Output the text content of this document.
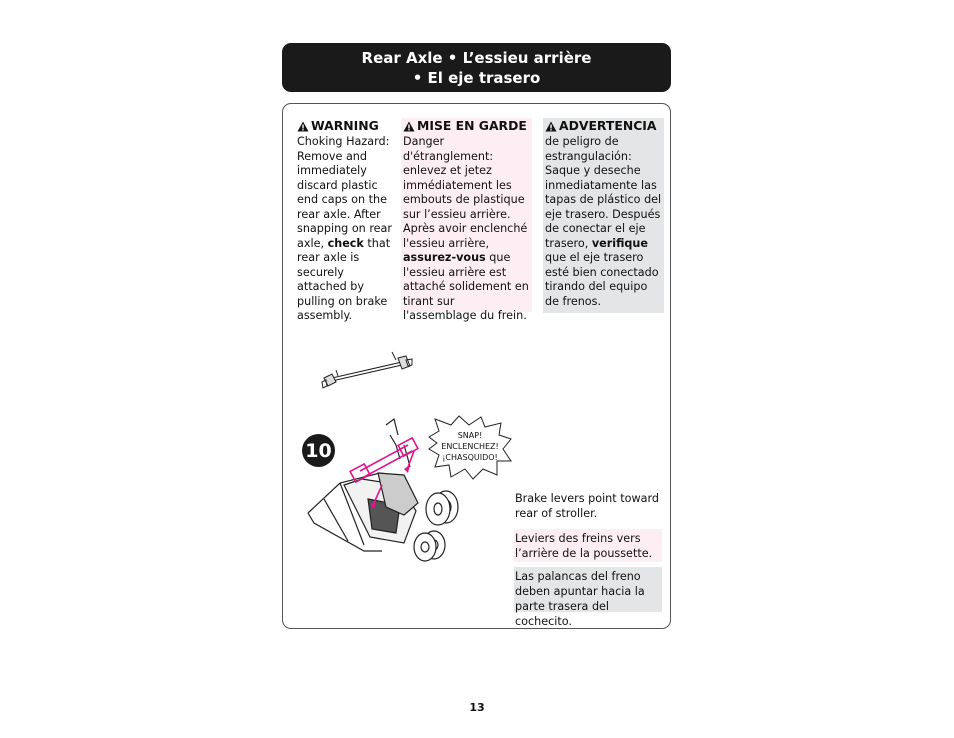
Rear Axle • L’essieu arrière
• El eje trasero
WARNING
Choking Hazard: Remove and immediately discard plastic end caps on the rear axle. After snapping on rear axle, check that rear axle is securely attached by pulling on brake assembly.
MISE EN GARDE
Danger d'étranglement: enlevez et jetez immédiatement les embouts de plastique sur l’essieu arrière. Après avoir enclenché l'essieu arrière, assurez-vous que l'essieu arrière est attaché solidement en tirant sur l'assemblage du frein.
ADVERTENCIA
de peligro de estrangulación: Saque y deseche inmediatamente las tapas de plástico del eje trasero. Después de conectar el eje trasero, verifique que el eje trasero esté bien conectado tirando del equipo de frenos.
10
SNAP!
ENCLENCHEZ!
¡CHASQUIDO!
Brake levers point toward rear of stroller.
Leviers des freins vers l’arrière de la poussette.
Las palancas del freno deben apuntar hacia la parte trasera del cochecito.
13
